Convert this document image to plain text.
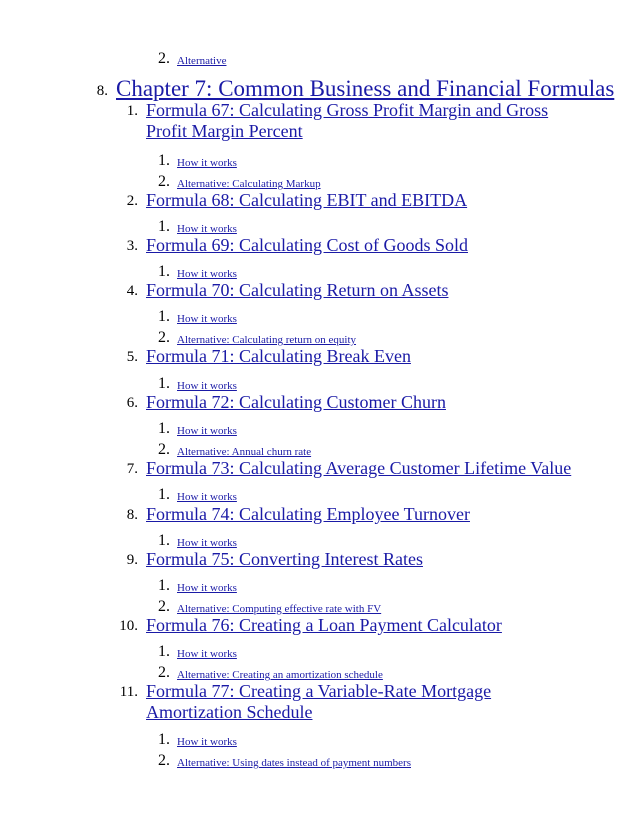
2. Alternative
8. Chapter 7: Common Business and Financial Formulas
1. Formula 67: Calculating Gross Profit Margin and Gross
Profit Margin Percent
1. How it works
2. Alternative: Calculating Markup
2. Formula 68: Calculating EBIT and EBITDA
1. How it works
3. Formula 69: Calculating Cost of Goods Sold
1. How it works
4. Formula 70: Calculating Return on Assets
1. How it works
2. Alternative: Calculating return on equity
5. Formula 71: Calculating Break Even
1. How it works
6. Formula 72: Calculating Customer Churn
1. How it works
2. Alternative: Annual churn rate
7. Formula 73: Calculating Average Customer Lifetime Value
1. How it works
8. Formula 74: Calculating Employee Turnover
1. How it works
9. Formula 75: Converting Interest Rates
1. How it works
2. Alternative: Computing effective rate with FV
10. Formula 76: Creating a Loan Payment Calculator
1. How it works
2. Alternative: Creating an amortization schedule
11. Formula 77: Creating a Variable-Rate Mortgage
Amortization Schedule
1. How it works
2. Alternative: Using dates instead of payment numbers
